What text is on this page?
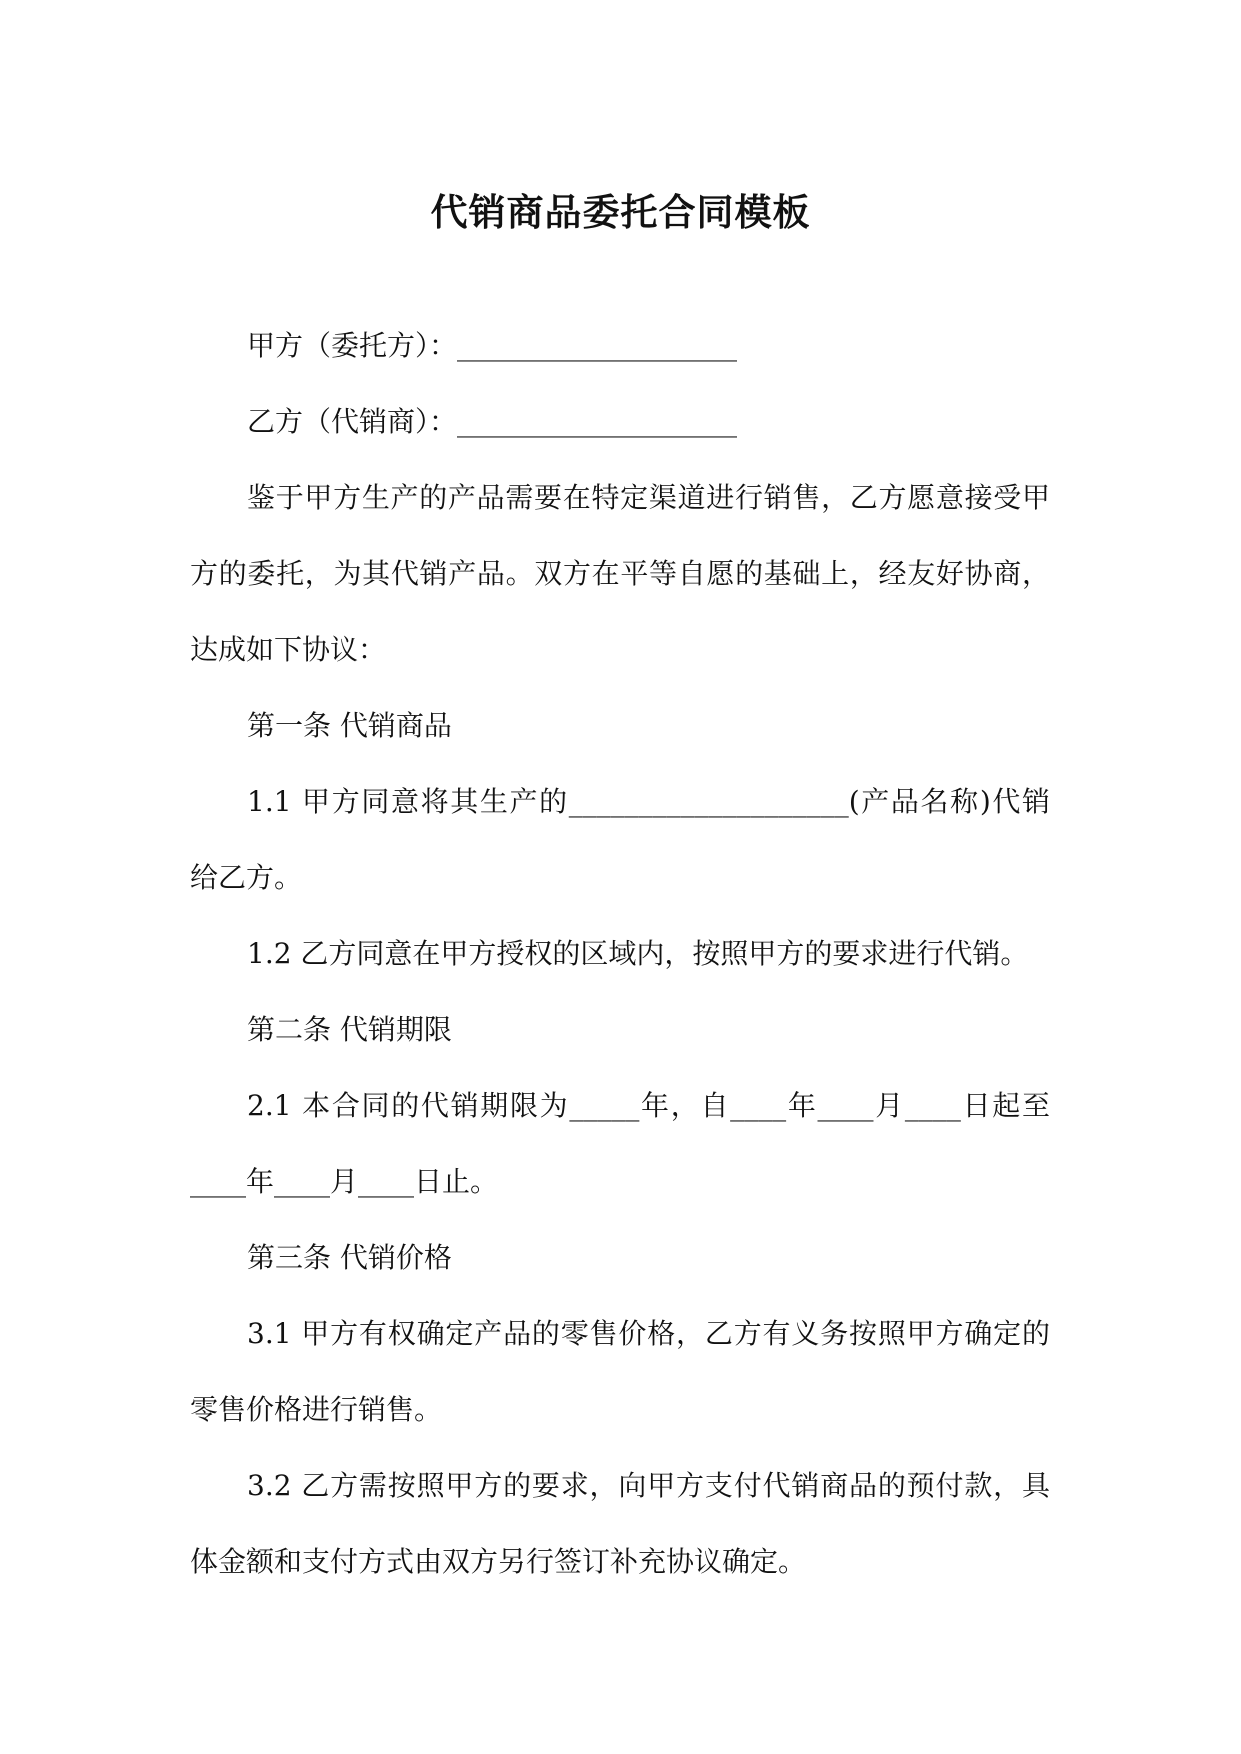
代销商品委托合同模板

甲方（委托方）：____________________

乙方（代销商）：____________________

鉴于甲方生产的产品需要在特定渠道进行销售，乙方愿意接受甲方的委托，为其代销产品。双方在平等自愿的基础上，经友好协商，达成如下协议：

第一条 代销商品

1.1 甲方同意将其生产的____________________(产品名称)代销给乙方。

1.2 乙方同意在甲方授权的区域内，按照甲方的要求进行代销。

第二条 代销期限

2.1 本合同的代销期限为_____年，自____年____月____日起至____年____月____日止。

第三条 代销价格

3.1 甲方有权确定产品的零售价格，乙方有义务按照甲方确定的零售价格进行销售。

3.2 乙方需按照甲方的要求，向甲方支付代销商品的预付款，具体金额和支付方式由双方另行签订补充协议确定。
